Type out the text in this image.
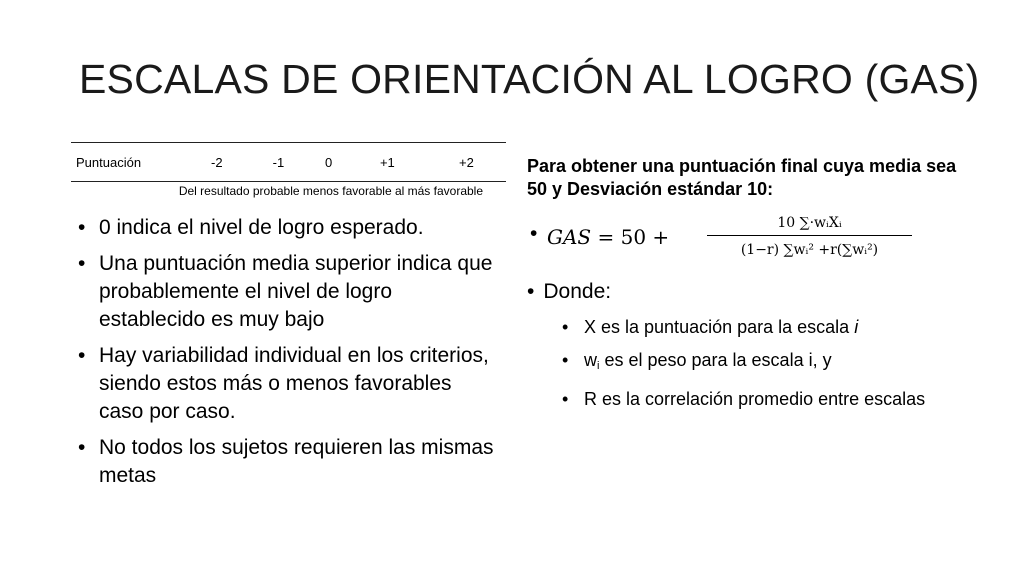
ESCALAS DE ORIENTACIÓN AL LOGRO (GAS)
Puntuación	-2	-1	0	+1	+2
Del resultado probable menos favorable al más favorable
• 0 indica el nivel de logro esperado.
• Una puntuación media superior indica que probablemente el nivel de logro establecido es muy bajo
• Hay variabilidad individual en los criterios, siendo estos más o menos favorables caso por caso.
• No todos los sujetos requieren las mismas metas
Para obtener una puntuación final cuya media sea 50 y Desviación estándar 10:
• GAS = 50 +
10 ∑·wᵢXᵢ
(1−r) ∑wᵢ² +r(∑wᵢ²)
• Donde:
• X es la puntuación para la escala i
• $w_i$ es el peso para la escala i, y
• R es la correlación promedio entre escalas
